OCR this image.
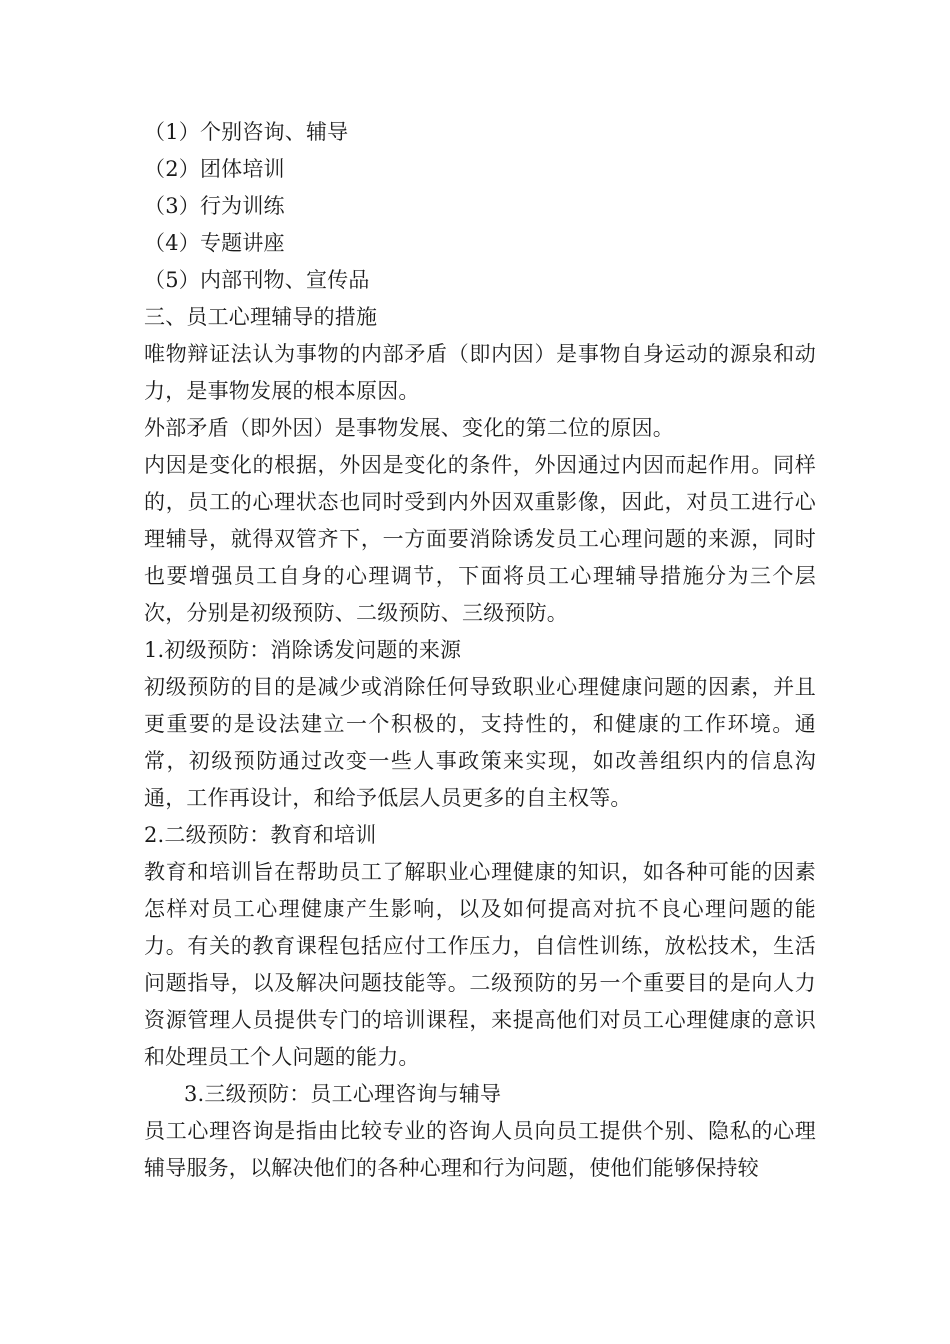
（1）个别咨询、辅导

（2）团体培训

（3）行为训练

（4）专题讲座

（5）内部刊物、宣传品

三、员工心理辅导的措施

唯物辩证法认为事物的内部矛盾（即内因）是事物自身运动的源泉和动力，是事物发展的根本原因。

外部矛盾（即外因）是事物发展、变化的第二位的原因。

内因是变化的根据，外因是变化的条件，外因通过内因而起作用。同样的，员工的心理状态也同时受到内外因双重影像，因此，对员工进行心理辅导，就得双管齐下，一方面要消除诱发员工心理问题的来源，同时也要增强员工自身的心理调节，下面将员工心理辅导措施分为三个层次，分别是初级预防、二级预防、三级预防。

1.初级预防：消除诱发问题的来源

初级预防的目的是减少或消除任何导致职业心理健康问题的因素，并且更重要的是设法建立一个积极的，支持性的，和健康的工作环境。通常，初级预防通过改变一些人事政策来实现，如改善组织内的信息沟通，工作再设计，和给予低层人员更多的自主权等。

2.二级预防：教育和培训

教育和培训旨在帮助员工了解职业心理健康的知识，如各种可能的因素怎样对员工心理健康产生影响，以及如何提高对抗不良心理问题的能力。有关的教育课程包括应付工作压力，自信性训练，放松技术，生活问题指导，以及解决问题技能等。二级预防的另一个重要目的是向人力资源管理人员提供专门的培训课程，来提高他们对员工心理健康的意识和处理员工个人问题的能力。

3.三级预防：员工心理咨询与辅导

员工心理咨询是指由比较专业的咨询人员向员工提供个别、隐私的心理辅导服务，以解决他们的各种心理和行为问题，使他们能够保持较
